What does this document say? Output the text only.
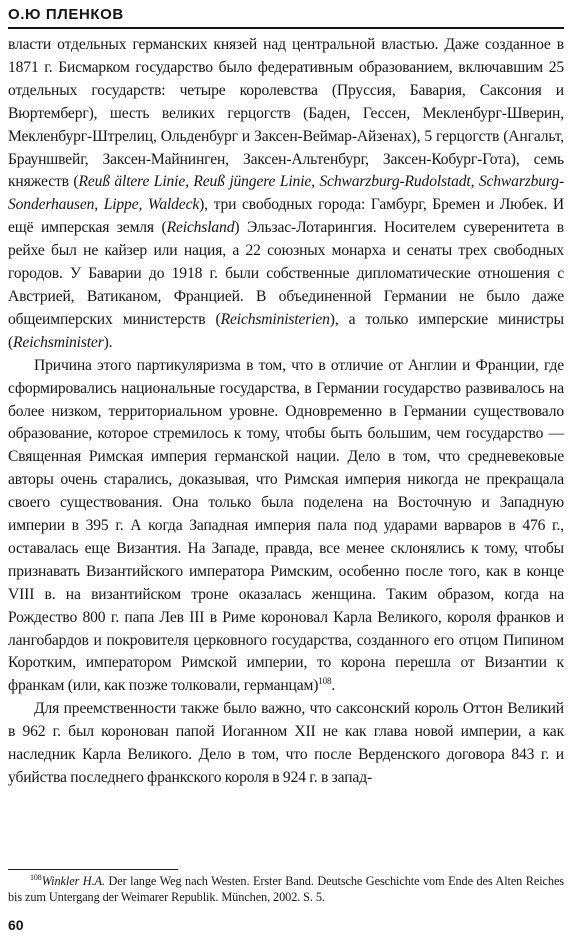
О.Ю ПЛЕНКОВ

власти отдельных германских князей над центральной властью. Даже созданное в 1871 г. Бисмарком государство было федеративным образованием, включавшим 25 отдельных государств: четыре королевства (Пруссия, Бавария, Саксония и Вюртемберг), шесть великих герцогств (Баден, Гессен, Мекленбург-Шверин, Мекленбург-Штрелиц, Ольденбург и Заксен-Веймар-Айзенах), 5 герцогств (Ангальт, Брауншвейг, Заксен-Майнинген, Заксен-Альтенбург, Заксен-Кобург-Гота), семь княжеств (Reuß ältere Linie, Reuß jüngere Linie, Schwarzburg-Rudolstadt, Schwarzburg-Sonderhausen, Lippe, Waldeck), три свободных города: Гамбург, Бремен и Любек. И ещё имперская земля (Reichsland) Эльзас-Лотарингия. Носителем суверенитета в рейхе был не кайзер или нация, а 22 союзных монарха и сенаты трех свободных городов. У Баварии до 1918 г. были собственные дипломатические отношения с Австрией, Ватиканом, Францией. В объединенной Германии не было даже общеимперских министерств (Reichsministerien), а только имперские министры (Reichsminister).

Причина этого партикуляризма в том, что в отличие от Англии и Франции, где сформировались национальные государства, в Германии государство развивалось на более низком, территориальном уровне. Одновременно в Германии существовало образование, которое стремилось к тому, чтобы быть большим, чем государство — Священная Римская империя германской нации. Дело в том, что средневековые авторы очень старались, доказывая, что Римская империя никогда не прекращала своего существования. Она только была поделена на Восточную и Западную империи в 395 г. А когда Западная империя пала под ударами варваров в 476 г., оставалась еще Византия. На Западе, правда, все менее склонялись к тому, чтобы признавать Византийского императора Римским, особенно после того, как в конце VIII в. на византийском троне оказалась женщина. Таким образом, когда на Рождество 800 г. папа Лев III в Риме короновал Карла Великого, короля франков и лангобардов и покровителя церковного государства, созданного его отцом Пипином Коротким, императором Римской империи, то корона перешла от Византии к франкам (или, как позже толковали, германцам)$^{108}$.

Для преемственности также было важно, что саксонский король Оттон Великий в 962 г. был коронован папой Иоганном XII не как глава новой империи, а как наследник Карла Великого. Дело в том, что после Верденского договора 843 г. и убийства последнего франкского короля в 924 г. в запад-

$^{108}$Winkler H.A. Der lange Weg nach Westen. Erster Band. Deutsche Geschichte vom Ende des Alten Reiches bis zum Untergang der Weimarer Republik. München, 2002. S. 5.
60
